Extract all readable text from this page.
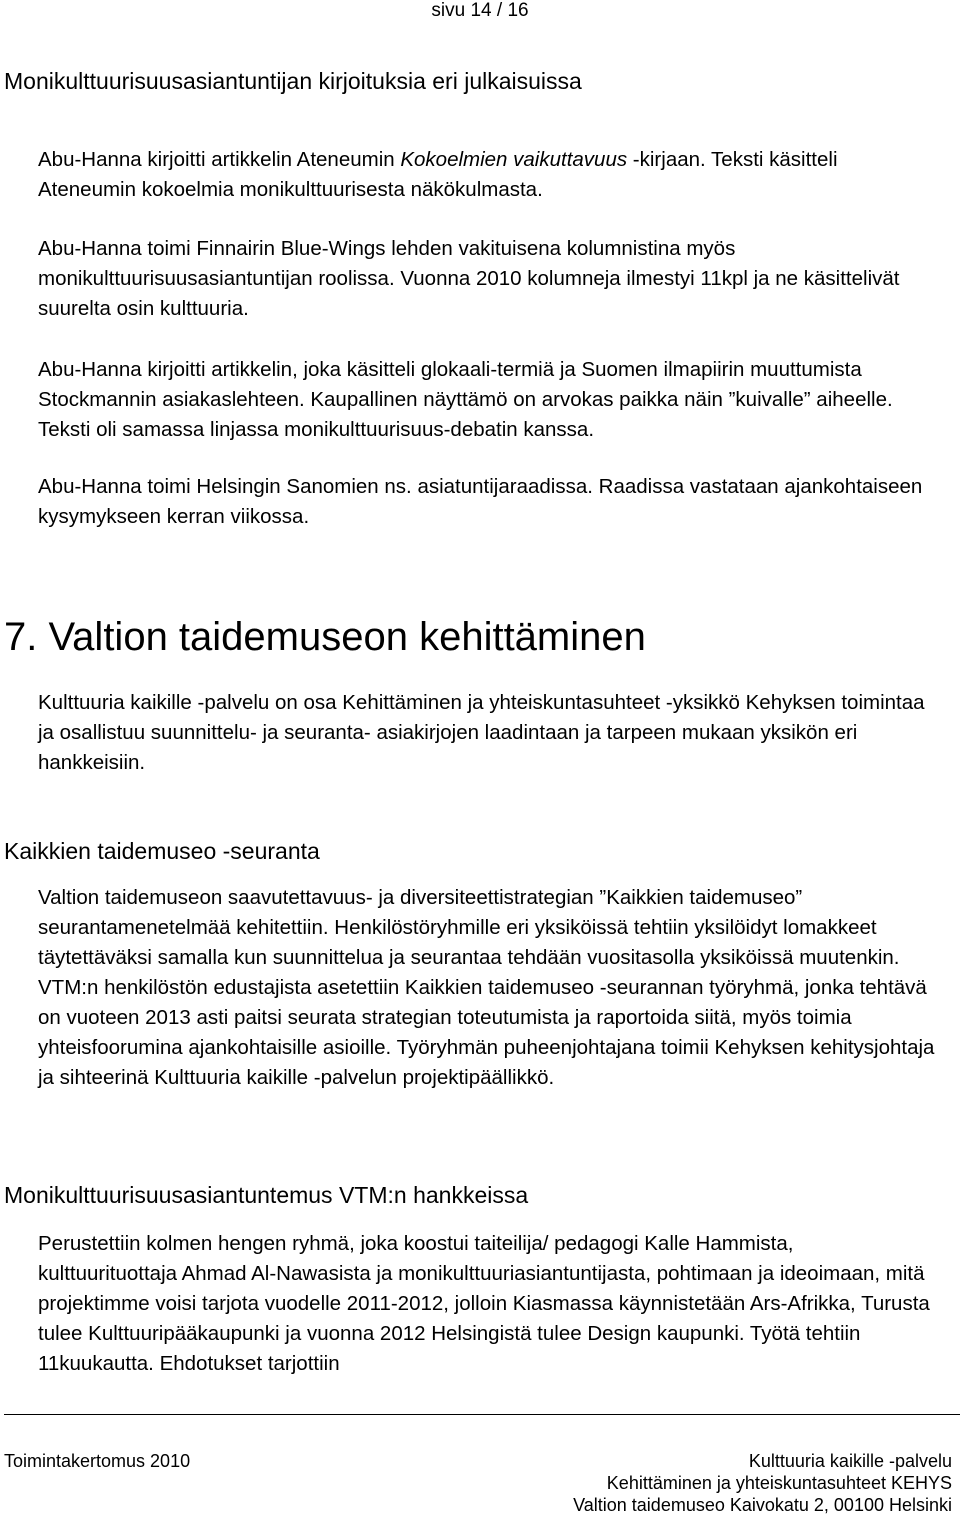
sivu 14 / 16
Monikulttuurisuusasiantuntijan kirjoituksia eri julkaisuissa

Abu-Hanna kirjoitti artikkelin Ateneumin Kokoelmien vaikuttavuus -kirjaan. Teksti käsitteli Ateneumin kokoelmia monikulttuurisesta näkökulmasta.

Abu-Hanna toimi Finnairin Blue-Wings lehden vakituisena kolumnistina myös monikulttuurisuusasiantuntijan roolissa. Vuonna 2010 kolumneja ilmestyi 11kpl ja ne käsittelivät suurelta osin kulttuuria.

Abu-Hanna kirjoitti artikkelin, joka käsitteli glokaali-termiä ja Suomen ilmapiirin muuttumista Stockmannin asiakaslehteen. Kaupallinen näyttämö on arvokas paikka näin ”kuivalle” aiheelle. Teksti oli samassa linjassa monikulttuurisuus-debatin kanssa.

Abu-Hanna toimi Helsingin Sanomien ns. asiatuntijaraadissa. Raadissa vastataan ajankohtaiseen kysymykseen kerran viikossa.

7. Valtion taidemuseon kehittäminen

Kulttuuria kaikille -palvelu on osa Kehittäminen ja yhteiskuntasuhteet -yksikkö Kehyksen toimintaa ja osallistuu suunnittelu- ja seuranta- asiakirjojen laadintaan ja tarpeen mukaan yksikön eri hankkeisiin.

Kaikkien taidemuseo -seuranta

Valtion taidemuseon saavutettavuus- ja diversiteettistrategian ”Kaikkien taidemuseo” seurantamenetelmää kehitettiin. Henkilöstöryhmille eri yksiköissä tehtiin yksilöidyt lomakkeet täytettäväksi samalla kun suunnittelua ja seurantaa tehdään vuositasolla yksiköissä muutenkin. VTM:n henkilöstön edustajista asetettiin Kaikkien taidemuseo -seurannan työryhmä, jonka tehtävä on vuoteen 2013 asti paitsi seurata strategian toteutumista ja raportoida siitä, myös toimia yhteisfoorumina ajankohtaisille asioille. Työryhmän puheenjohtajana toimii Kehyksen kehitysjohtaja ja sihteerinä Kulttuuria kaikille -palvelun projektipäällikkö.

Monikulttuurisuusasiantuntemus VTM:n hankkeissa

Perustettiin kolmen hengen ryhmä, joka koostui taiteilija/ pedagogi Kalle Hammista, kulttuurituottaja Ahmad Al-Nawasista ja monikulttuuriasiantuntijasta, pohtimaan ja ideoimaan, mitä projektimme voisi tarjota vuodelle 2011-2012, jolloin Kiasmassa käynnistetään Ars-Afrikka, Turusta tulee Kulttuuripääkaupunki ja vuonna 2012 Helsingistä tulee Design kaupunki. Työtä tehtiin 11kuukautta. Ehdotukset tarjottiin

Toimintakertomus 2010	Kulttuuria kaikille -palvelu
Kehittäminen ja yhteiskuntasuhteet KEHYS
Valtion taidemuseo Kaivokatu 2, 00100 Helsinki
